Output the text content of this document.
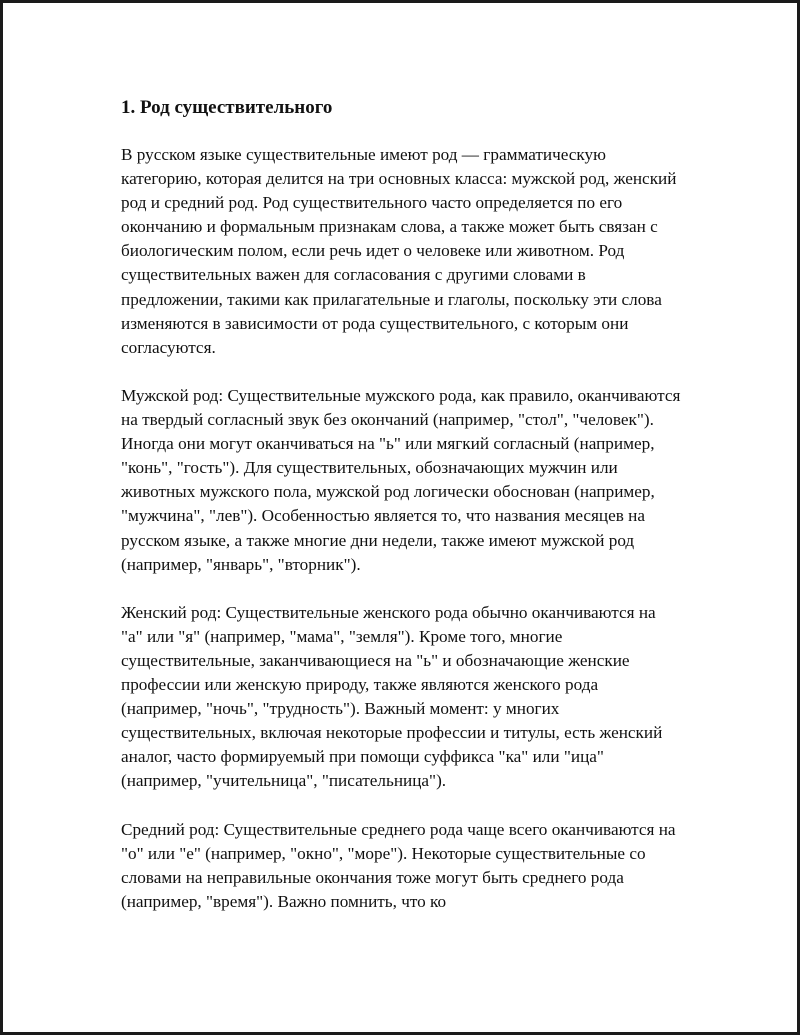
1. Род существительного

В русском языке существительные имеют род — грамматическую категорию, которая делится на три основных класса: мужской род, женский род и средний род. Род существительного часто определяется по его окончанию и формальным признакам слова, а также может быть связан с биологическим полом, если речь идет о человеке или животном. Род существительных важен для согласования с другими словами в предложении, такими как прилагательные и глаголы, поскольку эти слова изменяются в зависимости от рода существительного, с которым они согласуются.

Мужской род: Существительные мужского рода, как правило, оканчиваются на твердый согласный звук без окончаний (например, "стол", "человек"). Иногда они могут оканчиваться на "ь" или мягкий согласный (например, "конь", "гость"). Для существительных, обозначающих мужчин или животных мужского пола, мужской род логически обоснован (например, "мужчина", "лев"). Особенностью является то, что названия месяцев на русском языке, а также многие дни недели, также имеют мужской род (например, "январь", "вторник").

Женский род: Существительные женского рода обычно оканчиваются на "а" или "я" (например, "мама", "земля"). Кроме того, многие существительные, заканчивающиеся на "ь" и обозначающие женские профессии или женскую природу, также являются женского рода (например, "ночь", "трудность"). Важный момент: у многих существительных, включая некоторые профессии и титулы, есть женский аналог, часто формируемый при помощи суффикса "ка" или "ица" (например, "учительница", "писательница").

Средний род: Существительные среднего рода чаще всего оканчиваются на "о" или "е" (например, "окно", "море"). Некоторые существительные со словами на неправильные окончания тоже могут быть среднего рода (например, "время"). Важно помнить, что ко
